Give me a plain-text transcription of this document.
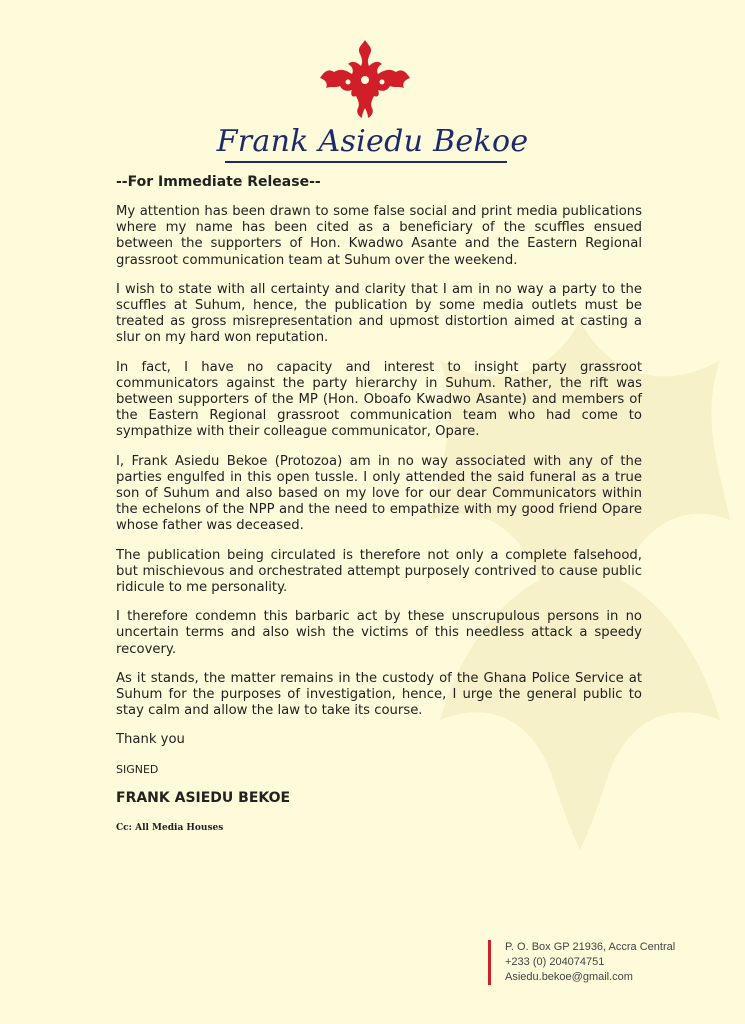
Frank Asiedu Bekoe
--For Immediate Release--

My attention has been drawn to some false social and print media publications where my name has been cited as a beneficiary of the scuffles ensued between the supporters of Hon. Kwadwo Asante and the Eastern Regional grassroot communication team at Suhum over the weekend.

I wish to state with all certainty and clarity that I am in no way a party to the scuffles at Suhum, hence, the publication by some media outlets must be treated as gross misrepresentation and upmost distortion aimed at casting a slur on my hard won reputation.

In fact, I have no capacity and interest to insight party grassroot communicators against the party hierarchy in Suhum. Rather, the rift was between supporters of the MP (Hon. Oboafo Kwadwo Asante) and members of the Eastern Regional grassroot communication team who had come to sympathize with their colleague communicator, Opare.

I, Frank Asiedu Bekoe (Protozoa) am in no way associated with any of the parties engulfed in this open tussle. I only attended the said funeral as a true son of Suhum and also based on my love for our dear Communicators within the echelons of the NPP and the need to empathize with my good friend Opare whose father was deceased.

The publication being circulated is therefore not only a complete falsehood, but mischievous and orchestrated attempt purposely contrived to cause public ridicule to me personality.

I therefore condemn this barbaric act by these unscrupulous persons in no uncertain terms and also wish the victims of this needless attack a speedy recovery.

As it stands, the matter remains in the custody of the Ghana Police Service at Suhum for the purposes of investigation, hence, I urge the general public to stay calm and allow the law to take its course.

Thank you

SIGNED

FRANK ASIEDU BEKOE

Cc: All Media Houses

P. O. Box GP 21936, Accra Central
+233 (0) 204074751
Asiedu.bekoe@gmail.com
